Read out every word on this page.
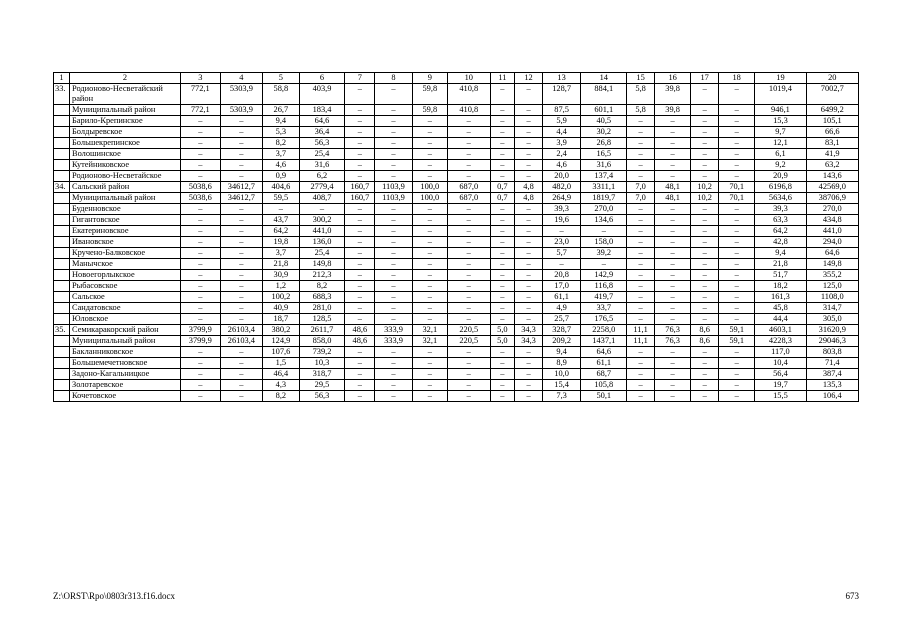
1	2	3	4	5	6	7	8	9	10	11	12	13	14	15	16	17	18	19	20
33.	Родионово-Несветайский район	772,1	5303,9	58,8	403,9	–	–	59,8	410,8	–	–	128,7	884,1	5,8	39,8	–	–	1019,4	7002,7
	Муниципальный район	772,1	5303,9	26,7	183,4	–	–	59,8	410,8	–	–	87,5	601,1	5,8	39,8	–	–	946,1	6499,2
	Барило-Крепинское	–	–	9,4	64,6	–	–	–	–	–	–	5,9	40,5	–	–	–	–	15,3	105,1
	Болдыревское	–	–	5,3	36,4	–	–	–	–	–	–	4,4	30,2	–	–	–	–	9,7	66,6
	Большекрепинское	–	–	8,2	56,3	–	–	–	–	–	–	3,9	26,8	–	–	–	–	12,1	83,1
	Волошинское	–	–	3,7	25,4	–	–	–	–	–	–	2,4	16,5	–	–	–	–	6,1	41,9
	Кутейниковское	–	–	4,6	31,6	–	–	–	–	–	–	4,6	31,6	–	–	–	–	9,2	63,2
	Родионово-Несветайское	–	–	0,9	6,2	–	–	–	–	–	–	20,0	137,4	–	–	–	–	20,9	143,6
34.	Сальский район	5038,6	34612,7	404,6	2779,4	160,7	1103,9	100,0	687,0	0,7	4,8	482,0	3311,1	7,0	48,1	10,2	70,1	6196,8	42569,0
	Муниципальный район	5038,6	34612,7	59,5	408,7	160,7	1103,9	100,0	687,0	0,7	4,8	264,9	1819,7	7,0	48,1	10,2	70,1	5634,6	38706,9
	Буденновское	–	–	–	–	–	–	–	–	–	–	39,3	270,0	–	–	–	–	39,3	270,0
	Гигантовское	–	–	43,7	300,2	–	–	–	–	–	–	19,6	134,6	–	–	–	–	63,3	434,8
	Екатериновское	–	–	64,2	441,0	–	–	–	–	–	–	–	–	–	–	–	–	64,2	441,0
	Ивановское	–	–	19,8	136,0	–	–	–	–	–	–	23,0	158,0	–	–	–	–	42,8	294,0
	Кручено-Балковское	–	–	3,7	25,4	–	–	–	–	–	–	5,7	39,2	–	–	–	–	9,4	64,6
	Манычское	–	–	21,8	149,8	–	–	–	–	–	–	–	–	–	–	–	–	21,8	149,8
	Новоегорлыкское	–	–	30,9	212,3	–	–	–	–	–	–	20,8	142,9	–	–	–	–	51,7	355,2
	Рыбасовское	–	–	1,2	8,2	–	–	–	–	–	–	17,0	116,8	–	–	–	–	18,2	125,0
	Сальское	–	–	100,2	688,3	–	–	–	–	–	–	61,1	419,7	–	–	–	–	161,3	1108,0
	Сандатовское	–	–	40,9	281,0	–	–	–	–	–	–	4,9	33,7	–	–	–	–	45,8	314,7
	Юловское	–	–	18,7	128,5	–	–	–	–	–	–	25,7	176,5	–	–	–	–	44,4	305,0
35.	Семикаракорский район	3799,9	26103,4	380,2	2611,7	48,6	333,9	32,1	220,5	5,0	34,3	328,7	2258,0	11,1	76,3	8,6	59,1	4603,1	31620,9
	Муниципальный район	3799,9	26103,4	124,9	858,0	48,6	333,9	32,1	220,5	5,0	34,3	209,2	1437,1	11,1	76,3	8,6	59,1	4228,3	29046,3
	Бакланниковское	–	–	107,6	739,2	–	–	–	–	–	–	9,4	64,6	–	–	–	–	117,0	803,8
	Большемечетновское	–	–	1,5	10,3	–	–	–	–	–	–	8,9	61,1	–	–	–	–	10,4	71,4
	Задоно-Кагальницкое	–	–	46,4	318,7	–	–	–	–	–	–	10,0	68,7	–	–	–	–	56,4	387,4
	Золотаревское	–	–	4,3	29,5	–	–	–	–	–	–	15,4	105,8	–	–	–	–	19,7	135,3
	Кочетовское	–	–	8,2	56,3	–	–	–	–	–	–	7,3	50,1	–	–	–	–	15,5	106,4
Z:\ORST\Rpo\0803r313.f16.docx	673
